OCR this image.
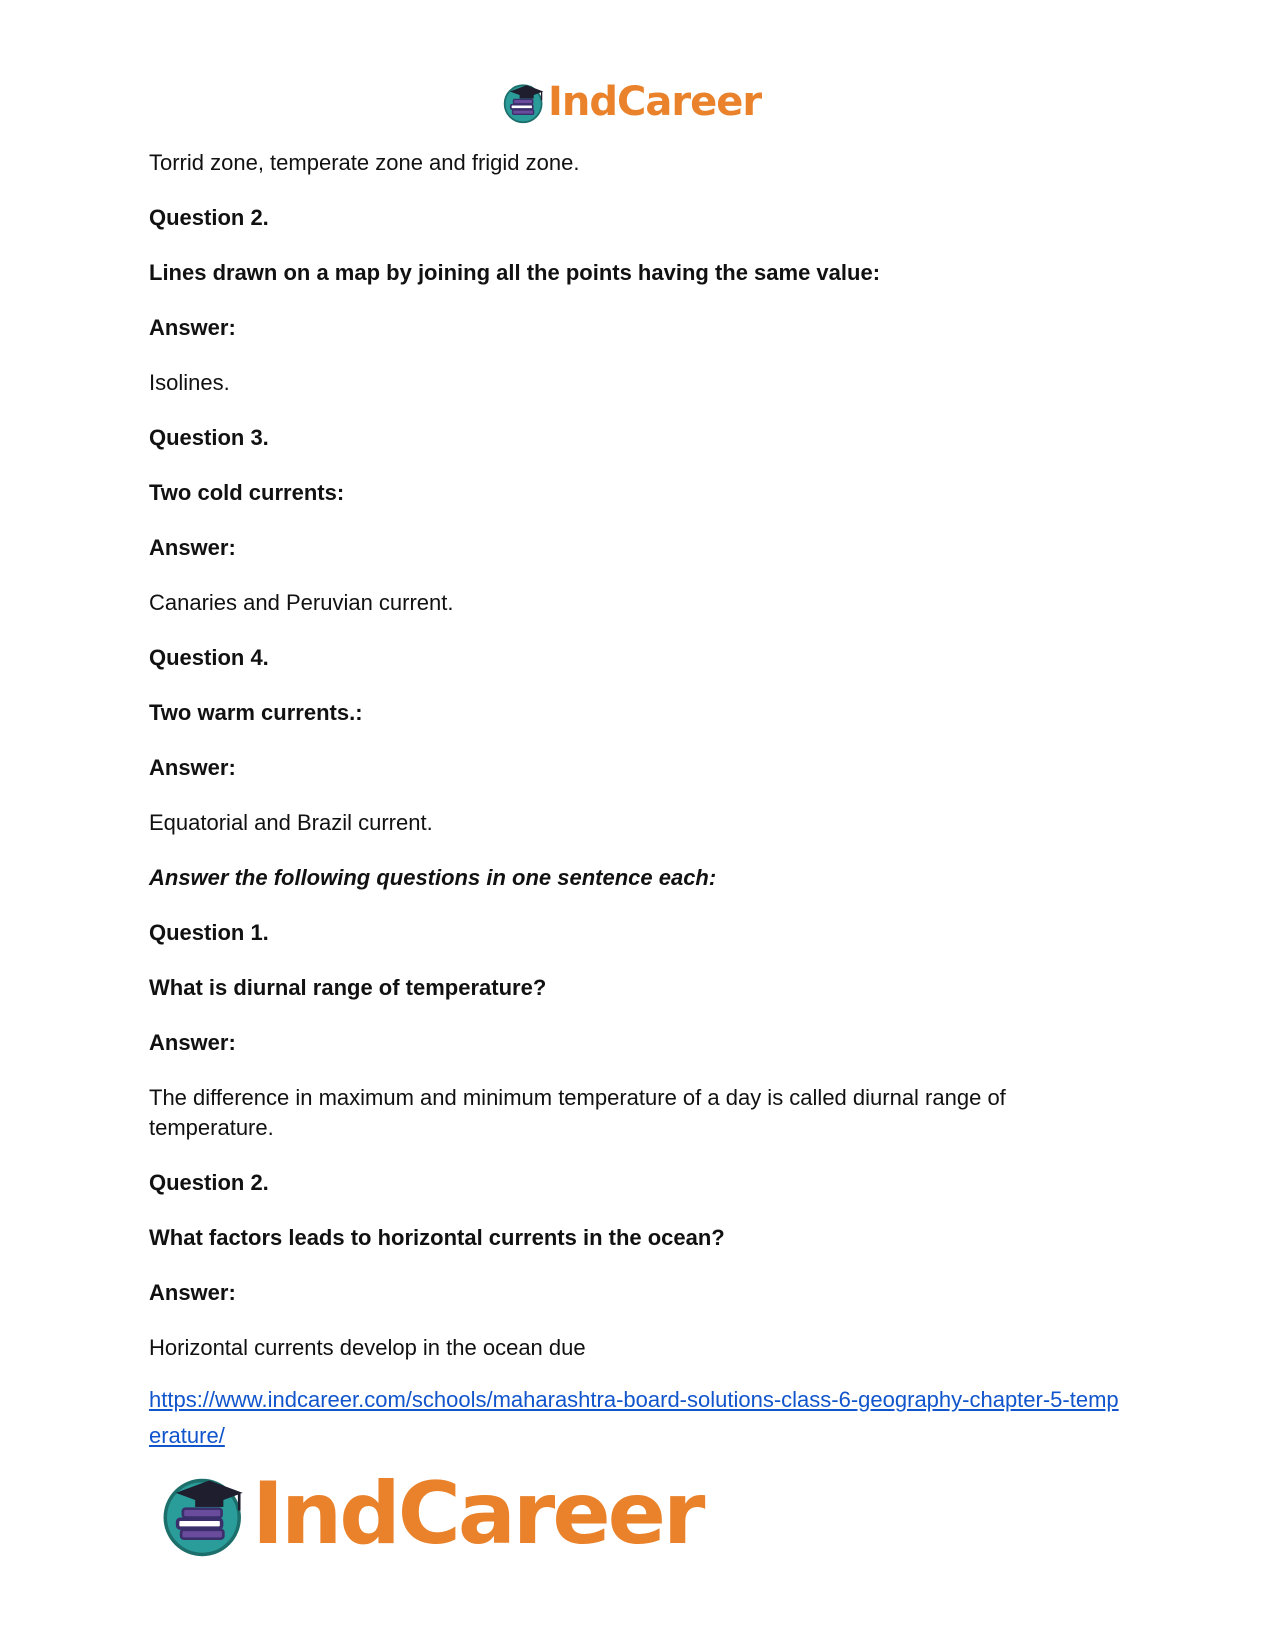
IndCareer

Torrid zone, temperate zone and frigid zone.

Question 2.

Lines drawn on a map by joining all the points having the same value:

Answer:

Isolines.

Question 3.

Two cold currents:

Answer:

Canaries and Peruvian current.

Question 4.

Two warm currents.:

Answer:

Equatorial and Brazil current.

Answer the following questions in one sentence each:

Question 1.

What is diurnal range of temperature?

Answer:

The difference in maximum and minimum temperature of a day is called diurnal range of temperature.

Question 2.

What factors leads to horizontal currents in the ocean?

Answer:

Horizontal currents develop in the ocean due

https://www.indcareer.com/schools/maharashtra-board-solutions-class-6-geography-chapter-5-temperature/

IndCareer
